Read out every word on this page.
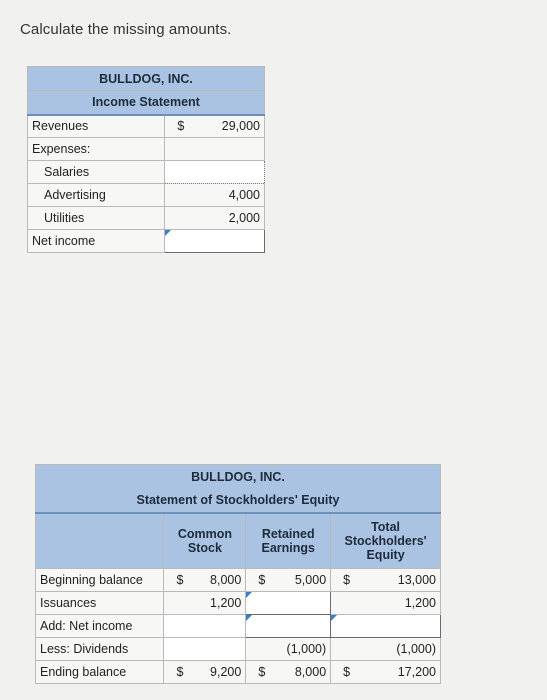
Calculate the missing amounts.
BULLDOG, INC.	
Income Statement	
Revenues	$ 29,000

Expenses:	
Salaries	
Advertising	4,000
Utilities	2,000
Net income	
BULLDOG, INC.			
Statement of Stockholders' Equity			
	Common Stock	Retained Earnings	Total Stockholders' Equity
Beginning balance	$ 8,000	$ 5,000	$ 13,000

Issuances	1,200		1,200
Add: Net income		

Less: Dividends		(1,000)	(1,000)
Ending balance	$ 9,200	$ 8,000	$ 17,200
